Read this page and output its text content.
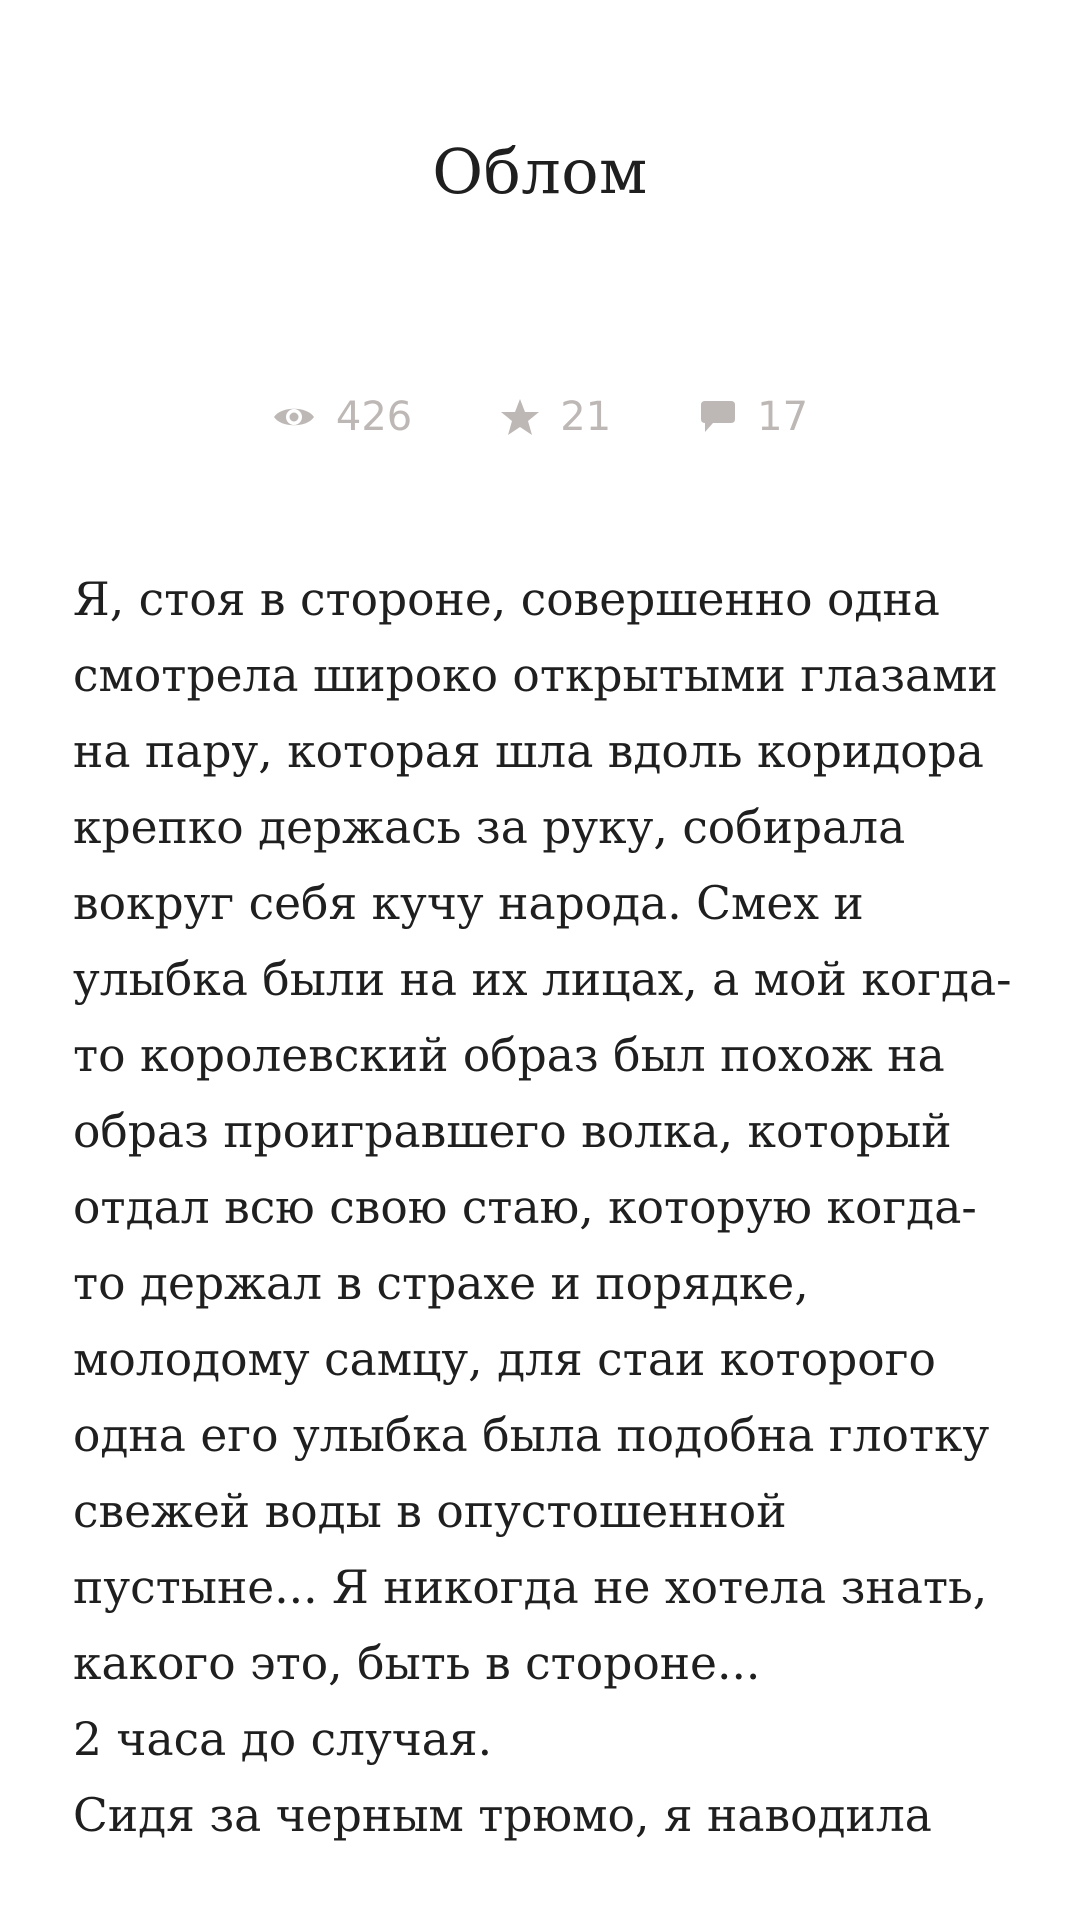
Облом
426	21	17

Я, стоя в стороне, совершенно одна смотрела широко открытыми глазами на пару, которая шла вдоль коридора крепко держась за руку, собирала вокруг себя кучу народа. Смех и улыбка были на их лицах, а мой когда-то королевский образ был похож на образ проигравшего волка, который отдал всю свою стаю, которую когда-то держал в страхе и порядке, молодому самцу, для стаи которого одна его улыбка была подобна глотку свежей воды в опустошенной пустыне... Я никогда не хотела знать, какого это, быть в стороне...

2 часа до случая.

Сидя за черным трюмо, я наводила
